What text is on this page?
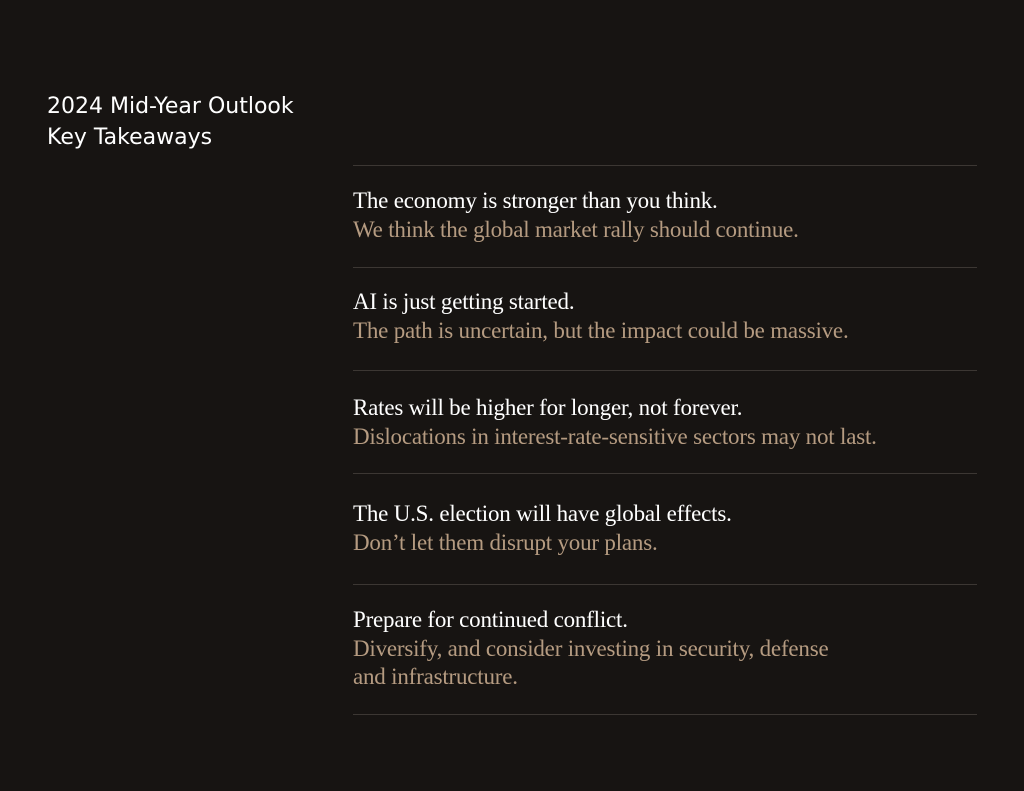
2024 Mid-Year Outlook
Key Takeaways
The economy is stronger than you think.
We think the global market rally should continue.
AI is just getting started.
The path is uncertain, but the impact could be massive.
Rates will be higher for longer, not forever.
Dislocations in interest-rate-sensitive sectors may not last.
The U.S. election will have global effects.
Don’t let them disrupt your plans.
Prepare for continued conflict.
Diversify, and consider investing in security, defense
and infrastructure.
